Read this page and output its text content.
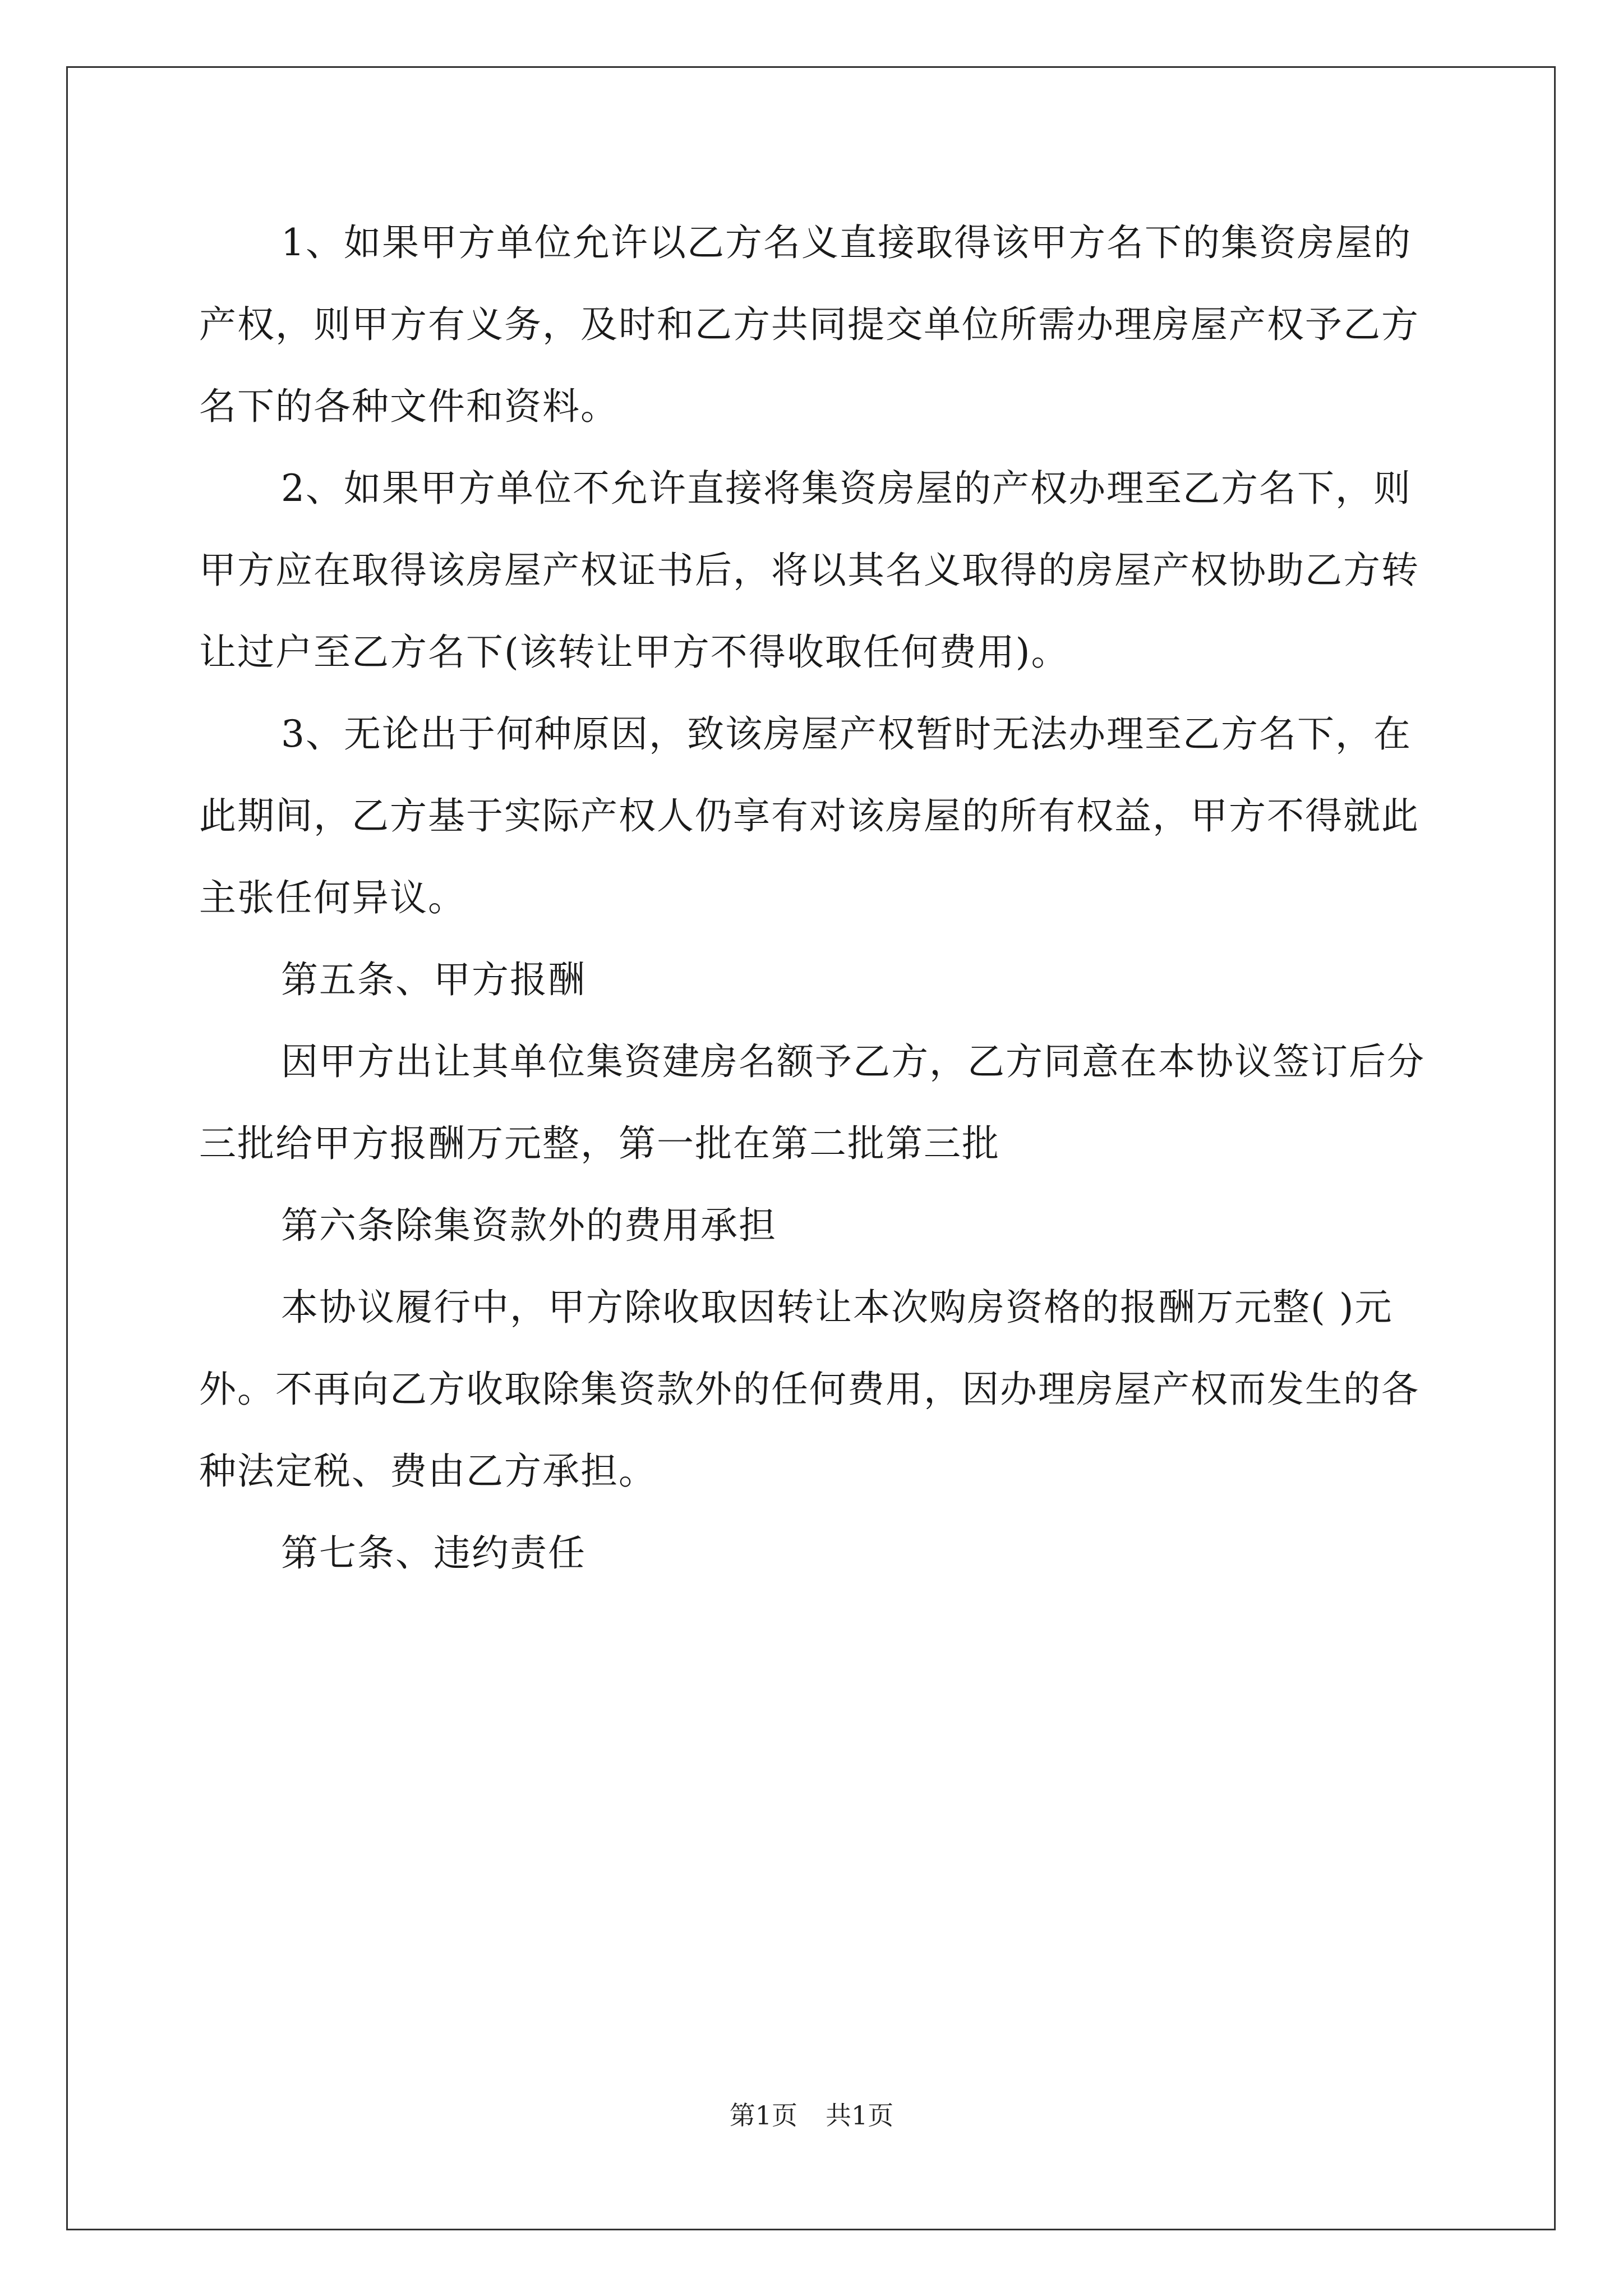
1、如果甲方单位允许以乙方名义直接取得该甲方名下的集资房屋的产权，则甲方有义务，及时和乙方共同提交单位所需办理房屋产权予乙方名下的各种文件和资料。

2、如果甲方单位不允许直接将集资房屋的产权办理至乙方名下，则甲方应在取得该房屋产权证书后，将以其名义取得的房屋产权协助乙方转让过户至乙方名下(该转让甲方不得收取任何费用)。

3、无论出于何种原因，致该房屋产权暂时无法办理至乙方名下，在此期间，乙方基于实际产权人仍享有对该房屋的所有权益，甲方不得就此主张任何异议。

第五条、甲方报酬

因甲方出让其单位集资建房名额予乙方，乙方同意在本协议签订后分三批给甲方报酬万元整，第一批在第二批第三批

第六条除集资款外的费用承担

本协议履行中，甲方除收取因转让本次购房资格的报酬万元整( )元外。不再向乙方收取除集资款外的任何费用，因办理房屋产权而发生的各种法定税、费由乙方承担。

第七条、违约责任

第1页 共1页
